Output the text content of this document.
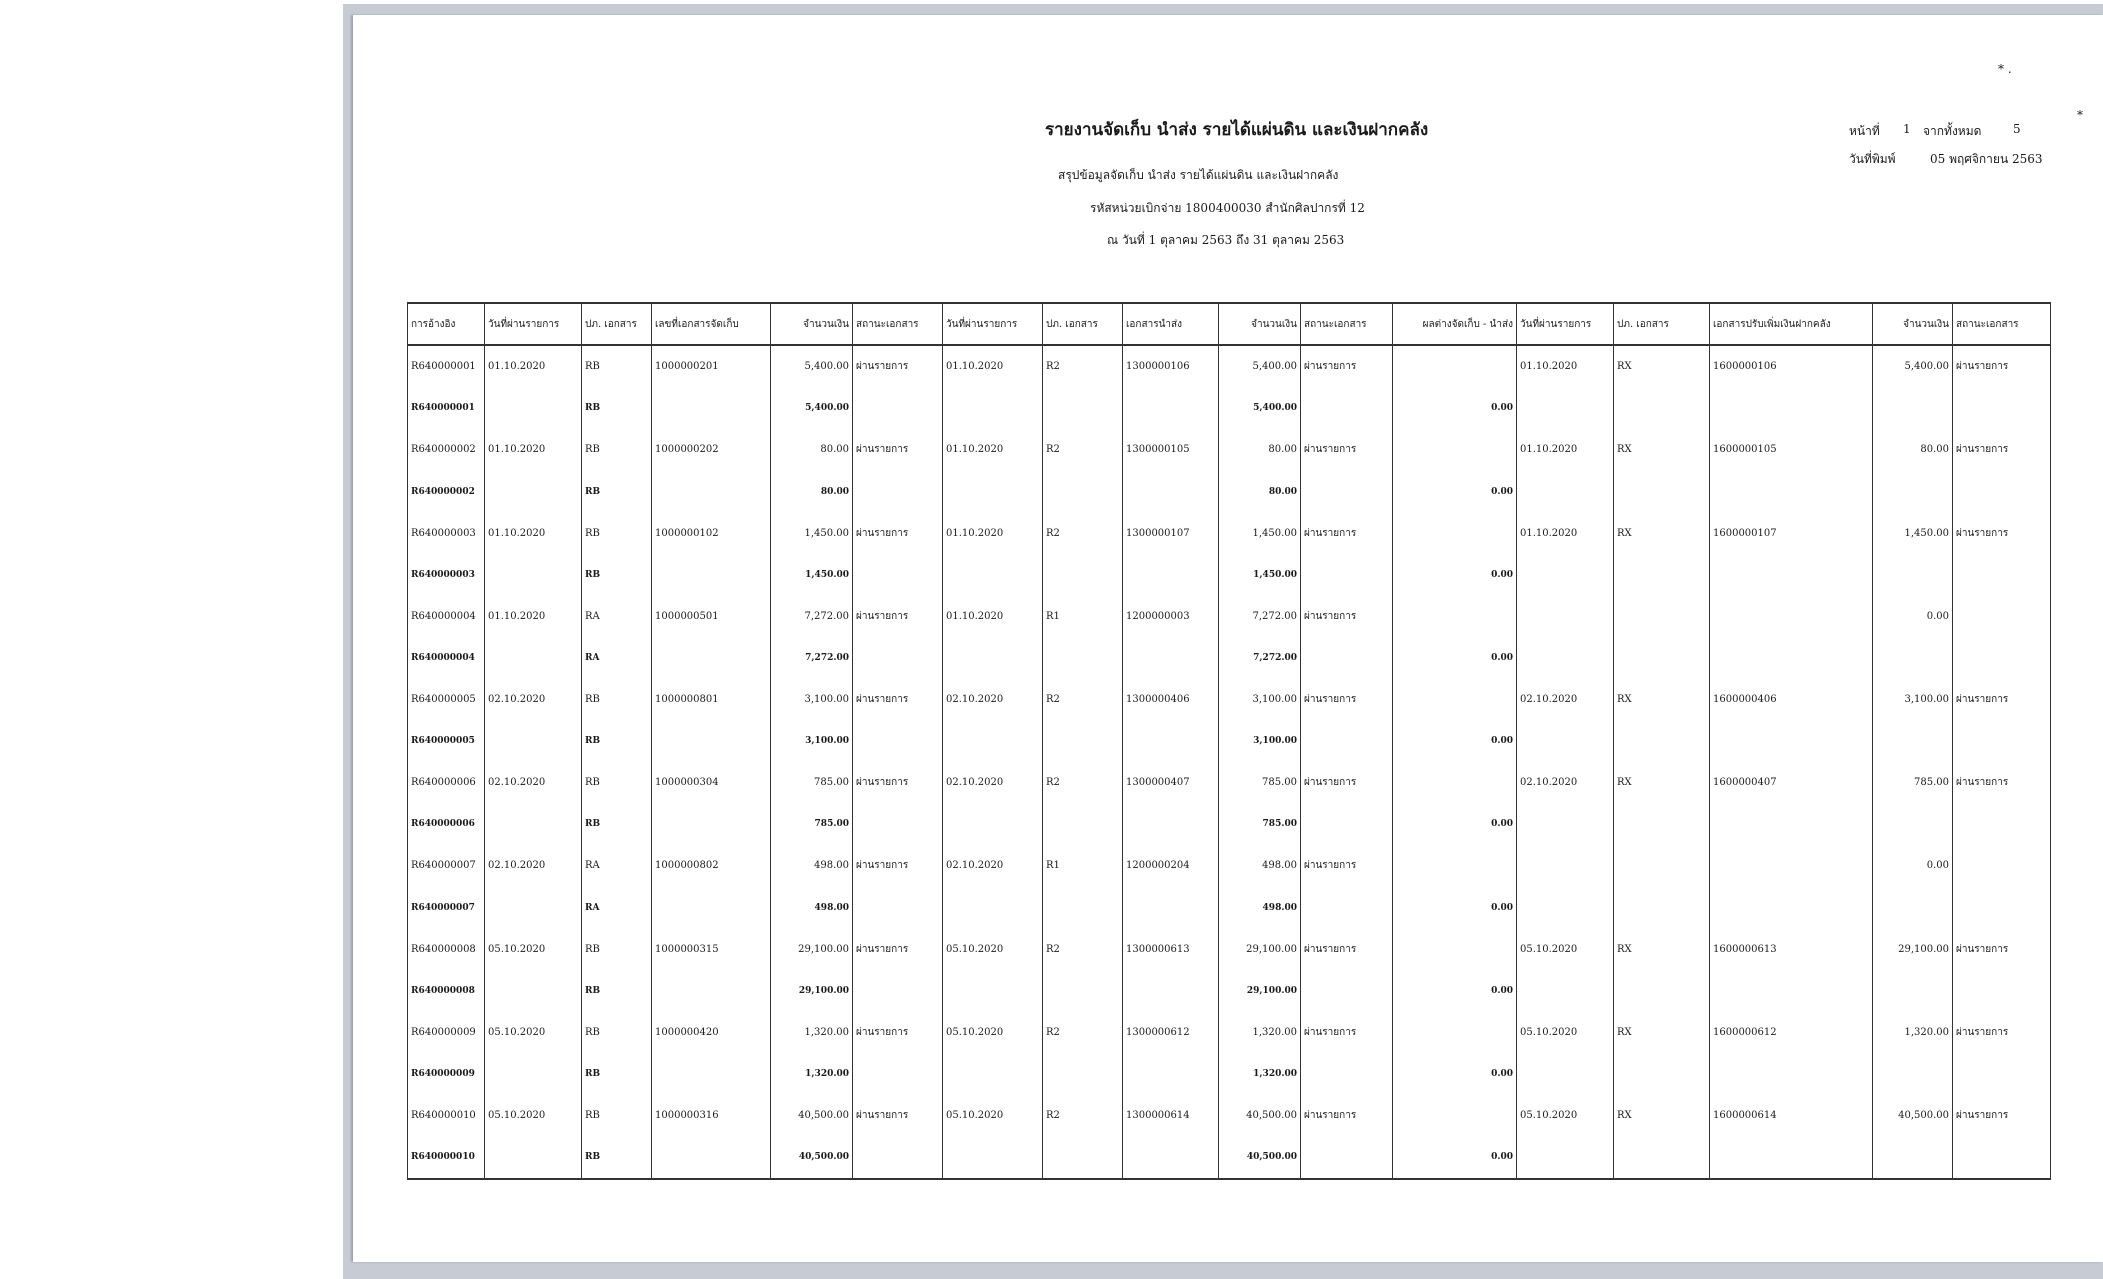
รายงานจัดเก็บ นำส่ง รายได้แผ่นดิน และเงินฝากคลัง
สรุปข้อมูลจัดเก็บ นำส่ง รายได้แผ่นดิน และเงินฝากคลัง
รหัสหน่วยเบิกจ่าย 1800400030 สำนักศิลปากรที่ 12
ณ วันที่ 1 ตุลาคม 2563 ถึง 31 ตุลาคม 2563
หน้าที่ 1 จากทั้งหมด	5
วันที่พิมพ์	05 พฤศจิกายน 2563
* .
*
การอ้างอิง	วันที่ผ่านรายการ	ปภ. เอกสาร	เลขที่เอกสารจัดเก็บ	จำนวนเงิน	สถานะเอกสาร	วันที่ผ่านรายการ	ปภ. เอกสาร	เอกสารนำส่ง	จำนวนเงิน	สถานะเอกสาร	ผลต่างจัดเก็บ - นำส่ง	วันที่ผ่านรายการ	ปภ. เอกสาร	เอกสารปรับเพิ่มเงินฝากคลัง	จำนวนเงิน	สถานะเอกสาร
R640000001	01.10.2020	RB	1000000201	5,400.00	ผ่านรายการ	01.10.2020	R2	1300000106	5,400.00	ผ่านรายการ		01.10.2020	RX	1600000106	5,400.00	ผ่านรายการ
R640000001		RB		5,400.00					5,400.00		0.00					
R640000002	01.10.2020	RB	1000000202	80.00	ผ่านรายการ	01.10.2020	R2	1300000105	80.00	ผ่านรายการ		01.10.2020	RX	1600000105	80.00	ผ่านรายการ
R640000002		RB		80.00					80.00		0.00					
R640000003	01.10.2020	RB	1000000102	1,450.00	ผ่านรายการ	01.10.2020	R2	1300000107	1,450.00	ผ่านรายการ		01.10.2020	RX	1600000107	1,450.00	ผ่านรายการ
R640000003		RB		1,450.00					1,450.00		0.00					
R640000004	01.10.2020	RA	1000000501	7,272.00	ผ่านรายการ	01.10.2020	R1	1200000003	7,272.00	ผ่านรายการ					0.00	
R640000004		RA		7,272.00					7,272.00		0.00					
R640000005	02.10.2020	RB	1000000801	3,100.00	ผ่านรายการ	02.10.2020	R2	1300000406	3,100.00	ผ่านรายการ		02.10.2020	RX	1600000406	3,100.00	ผ่านรายการ
R640000005		RB		3,100.00					3,100.00		0.00					
R640000006	02.10.2020	RB	1000000304	785.00	ผ่านรายการ	02.10.2020	R2	1300000407	785.00	ผ่านรายการ		02.10.2020	RX	1600000407	785.00	ผ่านรายการ
R640000006		RB		785.00					785.00		0.00					
R640000007	02.10.2020	RA	1000000802	498.00	ผ่านรายการ	02.10.2020	R1	1200000204	498.00	ผ่านรายการ					0.00	
R640000007		RA		498.00					498.00		0.00					
R640000008	05.10.2020	RB	1000000315	29,100.00	ผ่านรายการ	05.10.2020	R2	1300000613	29,100.00	ผ่านรายการ		05.10.2020	RX	1600000613	29,100.00	ผ่านรายการ
R640000008		RB		29,100.00					29,100.00		0.00					
R640000009	05.10.2020	RB	1000000420	1,320.00	ผ่านรายการ	05.10.2020	R2	1300000612	1,320.00	ผ่านรายการ		05.10.2020	RX	1600000612	1,320.00	ผ่านรายการ
R640000009		RB		1,320.00					1,320.00		0.00					
R640000010	05.10.2020	RB	1000000316	40,500.00	ผ่านรายการ	05.10.2020	R2	1300000614	40,500.00	ผ่านรายการ		05.10.2020	RX	1600000614	40,500.00	ผ่านรายการ
R640000010		RB		40,500.00					40,500.00		0.00					
